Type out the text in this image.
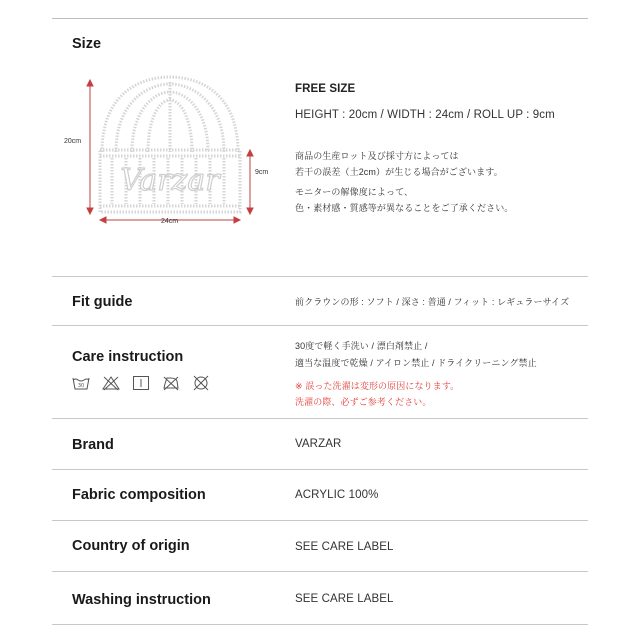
Size
Varzar
20cm
9cm
24cm
FREE SIZE
HEIGHT : 20cm / WIDTH : 24cm / ROLL UP : 9cm
商品の生産ロット及び採寸方によっては
若干の誤差（土2cm）が生じる場合がございます。
モニターの解像度によって、
色・素材感・質感等が異なることをご了承ください。
Fit guide	前クラウンの形 : ソフト / 深さ : 普通 / フィット : レギュラーサイズ
Care instruction
30度で軽く手洗い / 漂白剤禁止 /
適当な温度で乾燥 / アイロン禁止 / ドライクリーニング禁止
※ 誤った洗濯は変形の原因になります。
洗濯の際、必ずご参考ください。
30
Brand	VARZAR
Fabric composition	ACRYLIC 100%
Country of origin	SEE CARE LABEL
Washing instruction	SEE CARE LABEL
